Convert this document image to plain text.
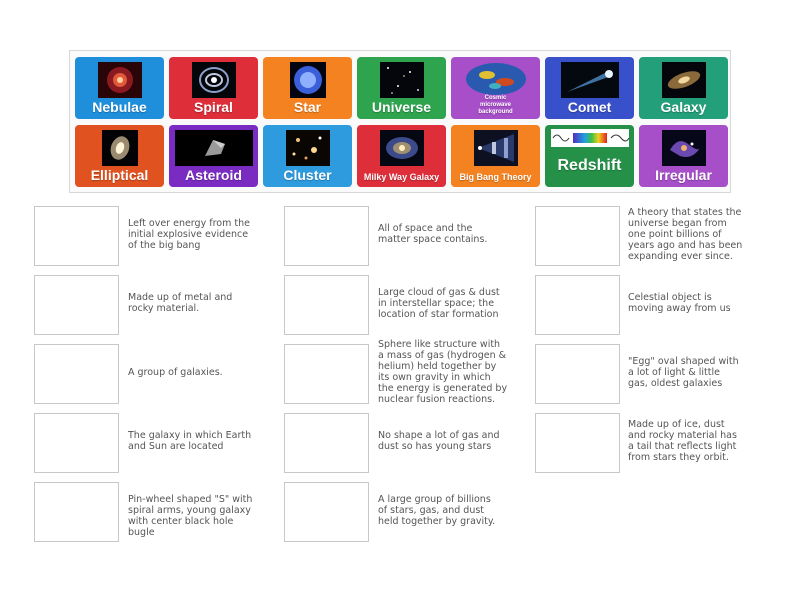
Nebulae	Spiral	Star	Universe
Cosmic microwave background	Comet	Galaxy
Elliptical	Asteroid	Cluster	Milky Way Galaxy	Big Bang Theory
Redshift
Irregular
Left over energy from the initial explosive evidence of the big bang
Made up of metal and rocky material.
A group of galaxies.
The galaxy in which Earth and Sun are located
Pin-wheel shaped "S" with spiral arms, young galaxy with center black hole bugle
All of space and the matter space contains.
Large cloud of gas & dust in interstellar space; the location of star formation
Sphere like structure with a mass of gas (hydrogen & helium) held together by its own gravity in which the energy is generated by nuclear fusion reactions.
No shape a lot of gas and dust so has young stars
A large group of billions of stars, gas, and dust held together by gravity.
A theory that states the universe began from one point billions of years ago and has been expanding ever since.
Celestial object is moving away from us
"Egg" oval shaped with a lot of light & little gas, oldest galaxies
Made up of ice, dust and rocky material has a tail that reflects light from stars they orbit.
